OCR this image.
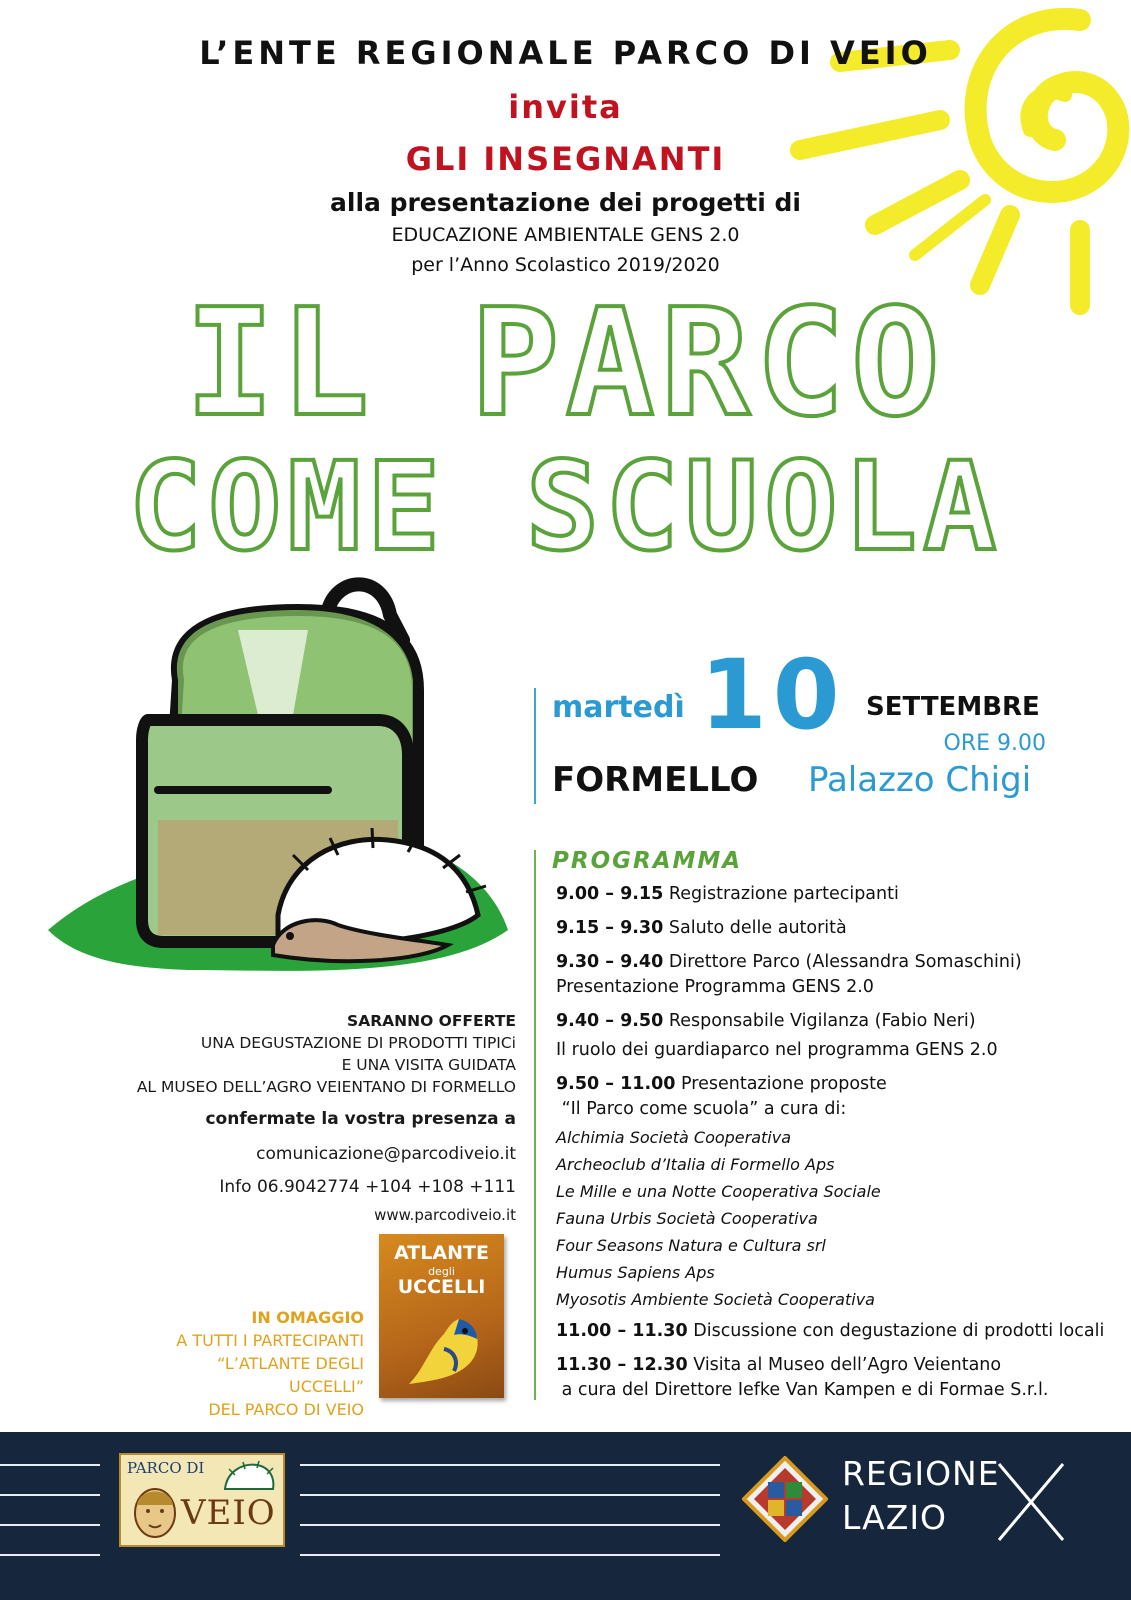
L’ENTE REGIONALE PARCO DI VEIO
invita
GLI INSEGNANTI
alla presentazione dei progetti di
EDUCAZIONE AMBIENTALE GENS 2.0
per l’Anno Scolastico 2019/2020
IL PARCO
COME SCUOLA
martedì 10 SETTEMBRE
ORE 9.00
FORMELLO Palazzo Chigi
PROGRAMMA
9.00 – 9.15 Registrazione partecipanti
9.15 – 9.30 Saluto delle autorità
9.30 – 9.40 Direttore Parco (Alessandra Somaschini)
Presentazione Programma GENS 2.0
9.40 – 9.50 Responsabile Vigilanza (Fabio Neri)
Il ruolo dei guardiaparco nel programma GENS 2.0
9.50 – 11.00 Presentazione proposte
“Il Parco come scuola” a cura di:
Alchimia Società Cooperativa
Archeoclub d’Italia di Formello Aps
Le Mille e una Notte Cooperativa Sociale
Fauna Urbis Società Cooperativa
Four Seasons Natura e Cultura srl
Humus Sapiens Aps
Myosotis Ambiente Società Cooperativa
11.00 – 11.30 Discussione con degustazione di prodotti locali
11.30 – 12.30 Visita al Museo dell’Agro Veientano
a cura del Direttore Iefke Van Kampen e di Formae S.r.l.
SARANNO OFFERTE
UNA DEGUSTAZIONE DI PRODOTTI TIPICi
E UNA VISITA GUIDATA
AL MUSEO DELL’AGRO VEIENTANO DI FORMELLO
confermate la vostra presenza a
comunicazione@parcodiveio.it
Info 06.9042774 +104 +108 +111
www.parcodiveio.it
IN OMAGGIO
A TUTTI I PARTECIPANTI
“L’ATLANTE DEGLI UCCELLI”
DEL PARCO DI VEIO
ATLANTE
degli
UCCELLI
PARCO DI
VEIO
REGIONE
LAZIO
